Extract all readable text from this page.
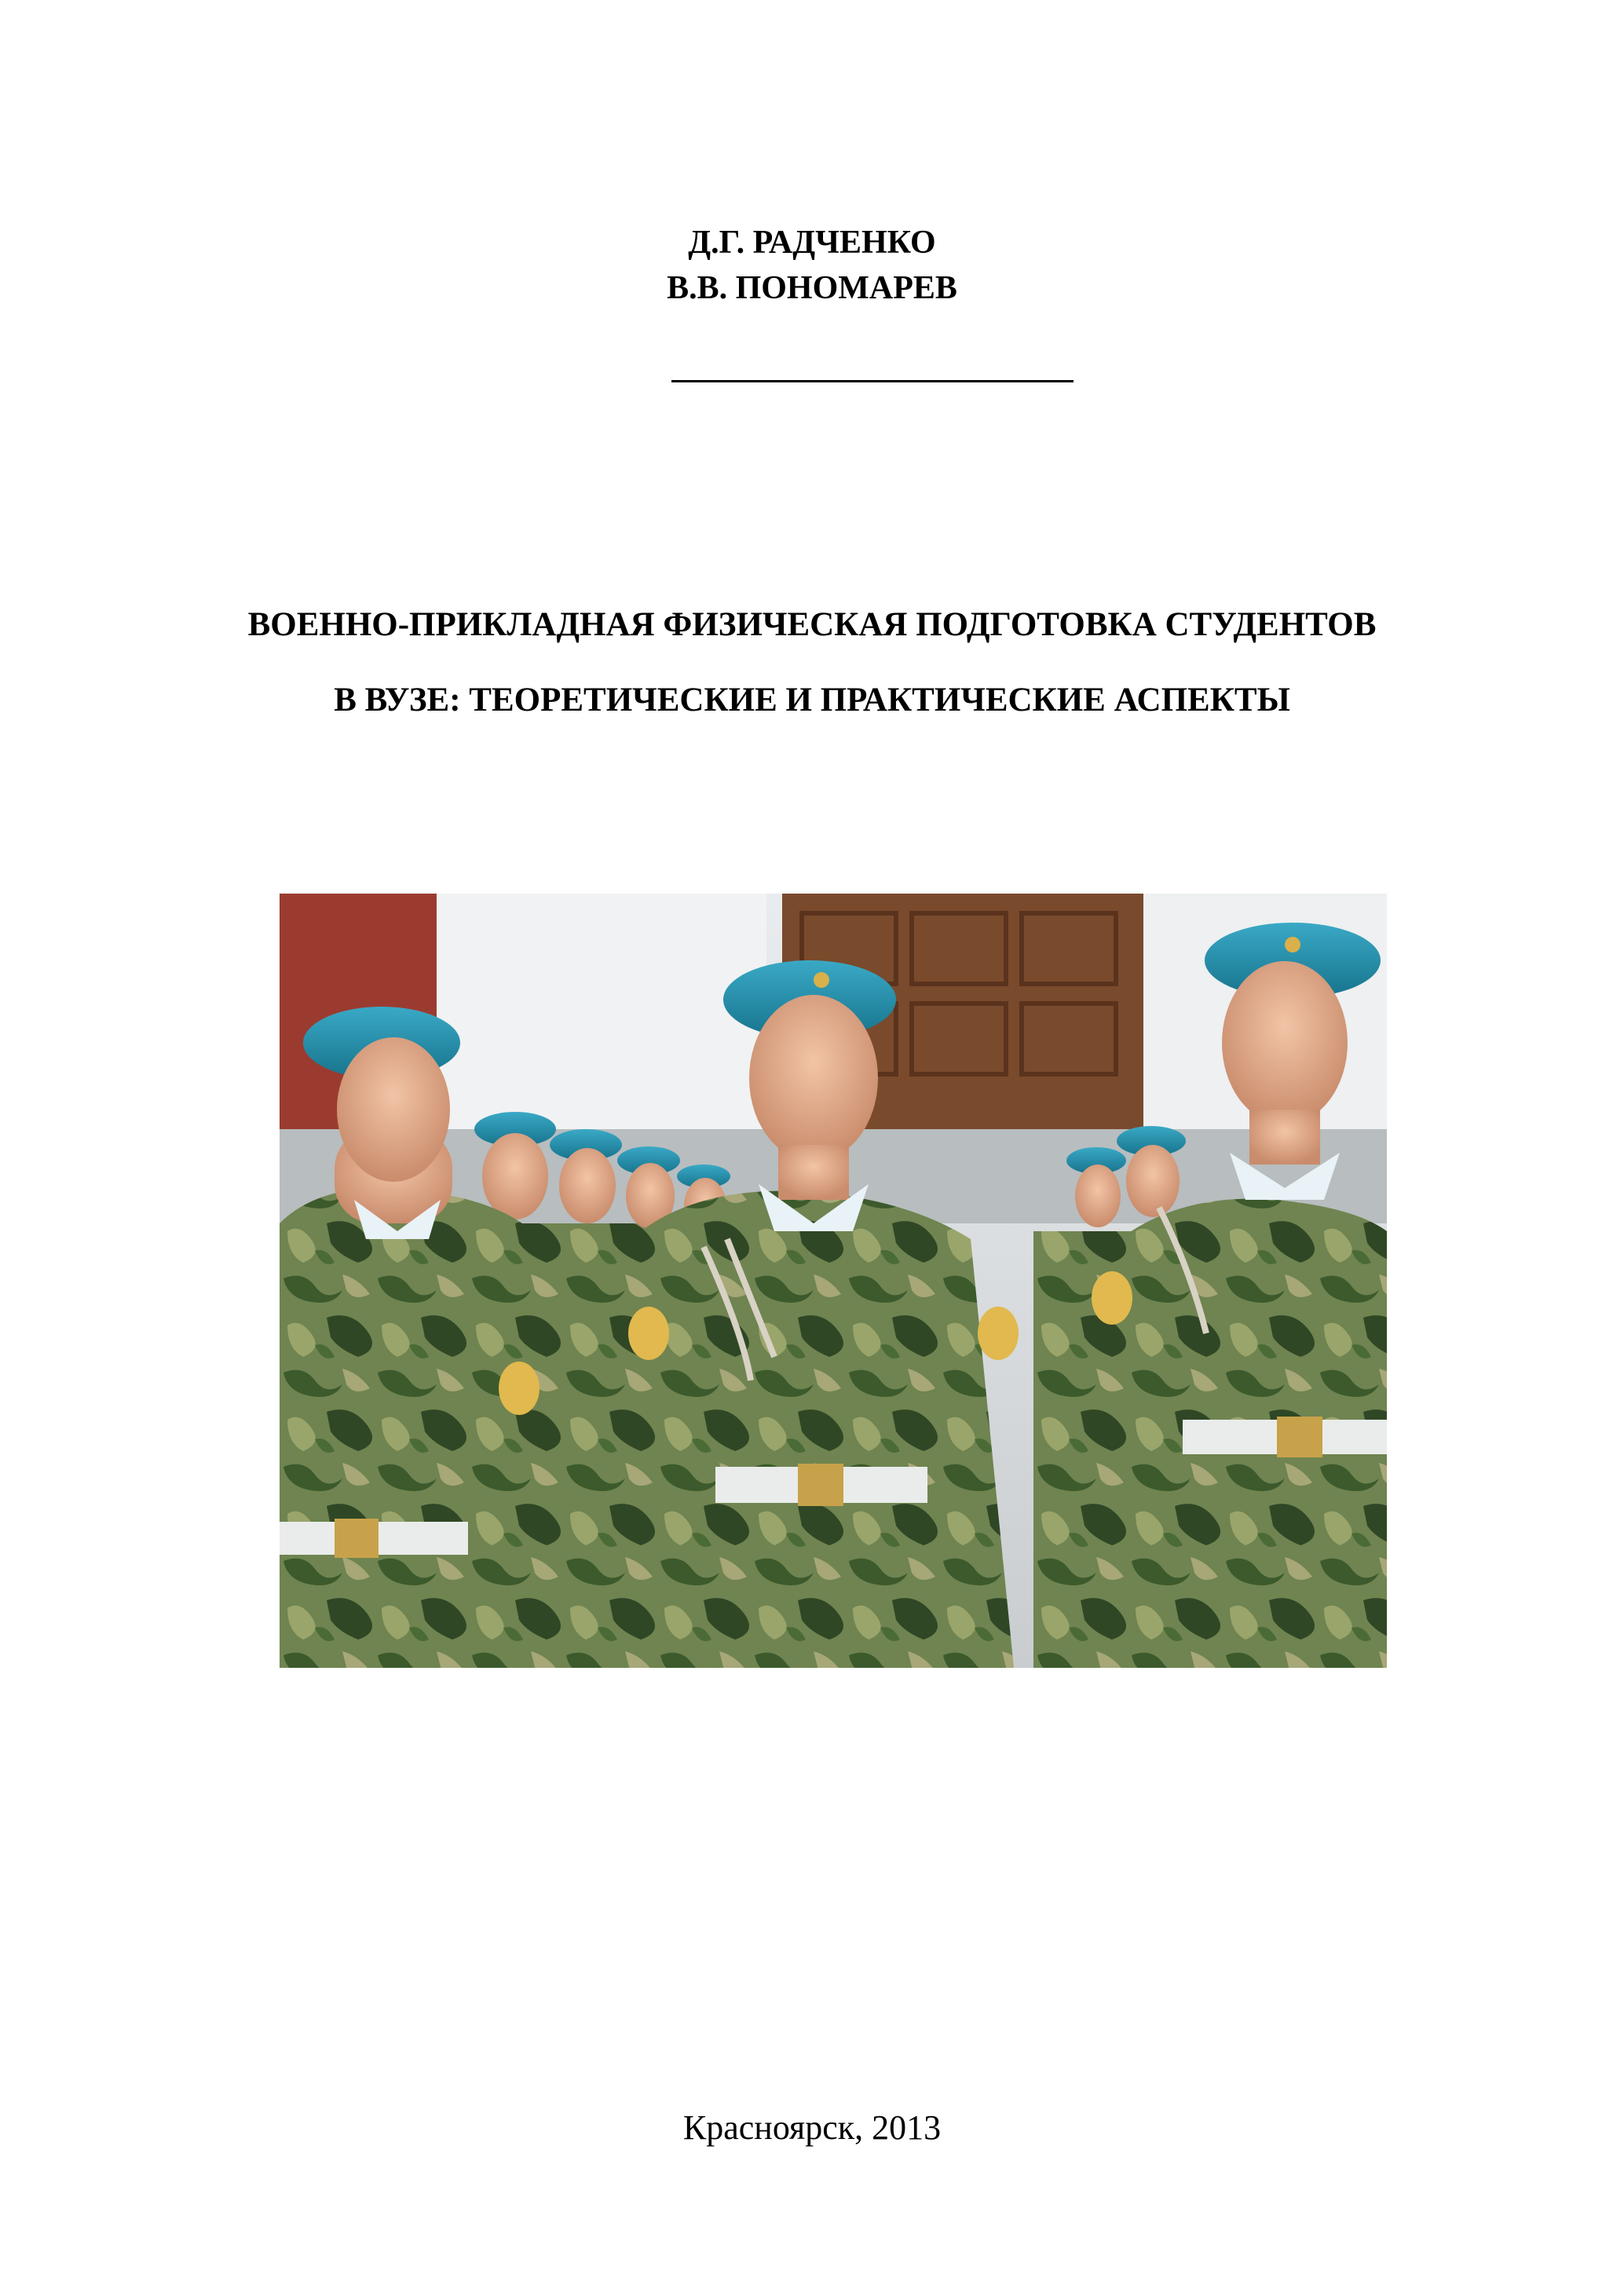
Д.Г. РАДЧЕНКО
В.В. ПОНОМАРЕВ
ВОЕННО-ПРИКЛАДНАЯ ФИЗИЧЕСКАЯ ПОДГОТОВКА СТУДЕНТОВ
В ВУЗЕ: ТЕОРЕТИЧЕСКИЕ И ПРАКТИЧЕСКИЕ АСПЕКТЫ
Красноярск, 2013
